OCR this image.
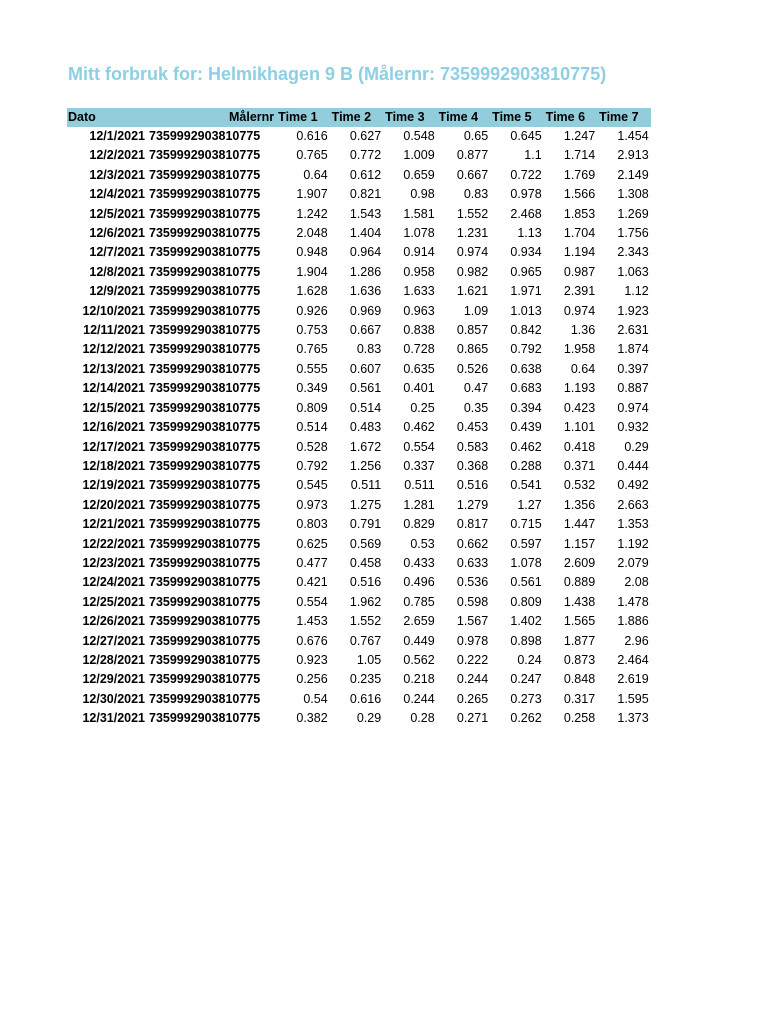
Mitt forbruk for: Helmikhagen 9 B (Målernr: 7359992903810775)
Dato	Målernr	Time 1	Time 2	Time 3	Time 4	Time 5	Time 6	Time 7
12/1/2021	7359992903810775	0.616	0.627	0.548	0.65	0.645	1.247	1.454
12/2/2021	7359992903810775	0.765	0.772	1.009	0.877	1.1	1.714	2.913
12/3/2021	7359992903810775	0.64	0.612	0.659	0.667	0.722	1.769	2.149
12/4/2021	7359992903810775	1.907	0.821	0.98	0.83	0.978	1.566	1.308
12/5/2021	7359992903810775	1.242	1.543	1.581	1.552	2.468	1.853	1.269
12/6/2021	7359992903810775	2.048	1.404	1.078	1.231	1.13	1.704	1.756
12/7/2021	7359992903810775	0.948	0.964	0.914	0.974	0.934	1.194	2.343
12/8/2021	7359992903810775	1.904	1.286	0.958	0.982	0.965	0.987	1.063
12/9/2021	7359992903810775	1.628	1.636	1.633	1.621	1.971	2.391	1.12
12/10/2021	7359992903810775	0.926	0.969	0.963	1.09	1.013	0.974	1.923
12/11/2021	7359992903810775	0.753	0.667	0.838	0.857	0.842	1.36	2.631
12/12/2021	7359992903810775	0.765	0.83	0.728	0.865	0.792	1.958	1.874
12/13/2021	7359992903810775	0.555	0.607	0.635	0.526	0.638	0.64	0.397
12/14/2021	7359992903810775	0.349	0.561	0.401	0.47	0.683	1.193	0.887
12/15/2021	7359992903810775	0.809	0.514	0.25	0.35	0.394	0.423	0.974
12/16/2021	7359992903810775	0.514	0.483	0.462	0.453	0.439	1.101	0.932
12/17/2021	7359992903810775	0.528	1.672	0.554	0.583	0.462	0.418	0.29
12/18/2021	7359992903810775	0.792	1.256	0.337	0.368	0.288	0.371	0.444
12/19/2021	7359992903810775	0.545	0.511	0.511	0.516	0.541	0.532	0.492
12/20/2021	7359992903810775	0.973	1.275	1.281	1.279	1.27	1.356	2.663
12/21/2021	7359992903810775	0.803	0.791	0.829	0.817	0.715	1.447	1.353
12/22/2021	7359992903810775	0.625	0.569	0.53	0.662	0.597	1.157	1.192
12/23/2021	7359992903810775	0.477	0.458	0.433	0.633	1.078	2.609	2.079
12/24/2021	7359992903810775	0.421	0.516	0.496	0.536	0.561	0.889	2.08
12/25/2021	7359992903810775	0.554	1.962	0.785	0.598	0.809	1.438	1.478
12/26/2021	7359992903810775	1.453	1.552	2.659	1.567	1.402	1.565	1.886
12/27/2021	7359992903810775	0.676	0.767	0.449	0.978	0.898	1.877	2.96
12/28/2021	7359992903810775	0.923	1.05	0.562	0.222	0.24	0.873	2.464
12/29/2021	7359992903810775	0.256	0.235	0.218	0.244	0.247	0.848	2.619
12/30/2021	7359992903810775	0.54	0.616	0.244	0.265	0.273	0.317	1.595
12/31/2021	7359992903810775	0.382	0.29	0.28	0.271	0.262	0.258	1.373
